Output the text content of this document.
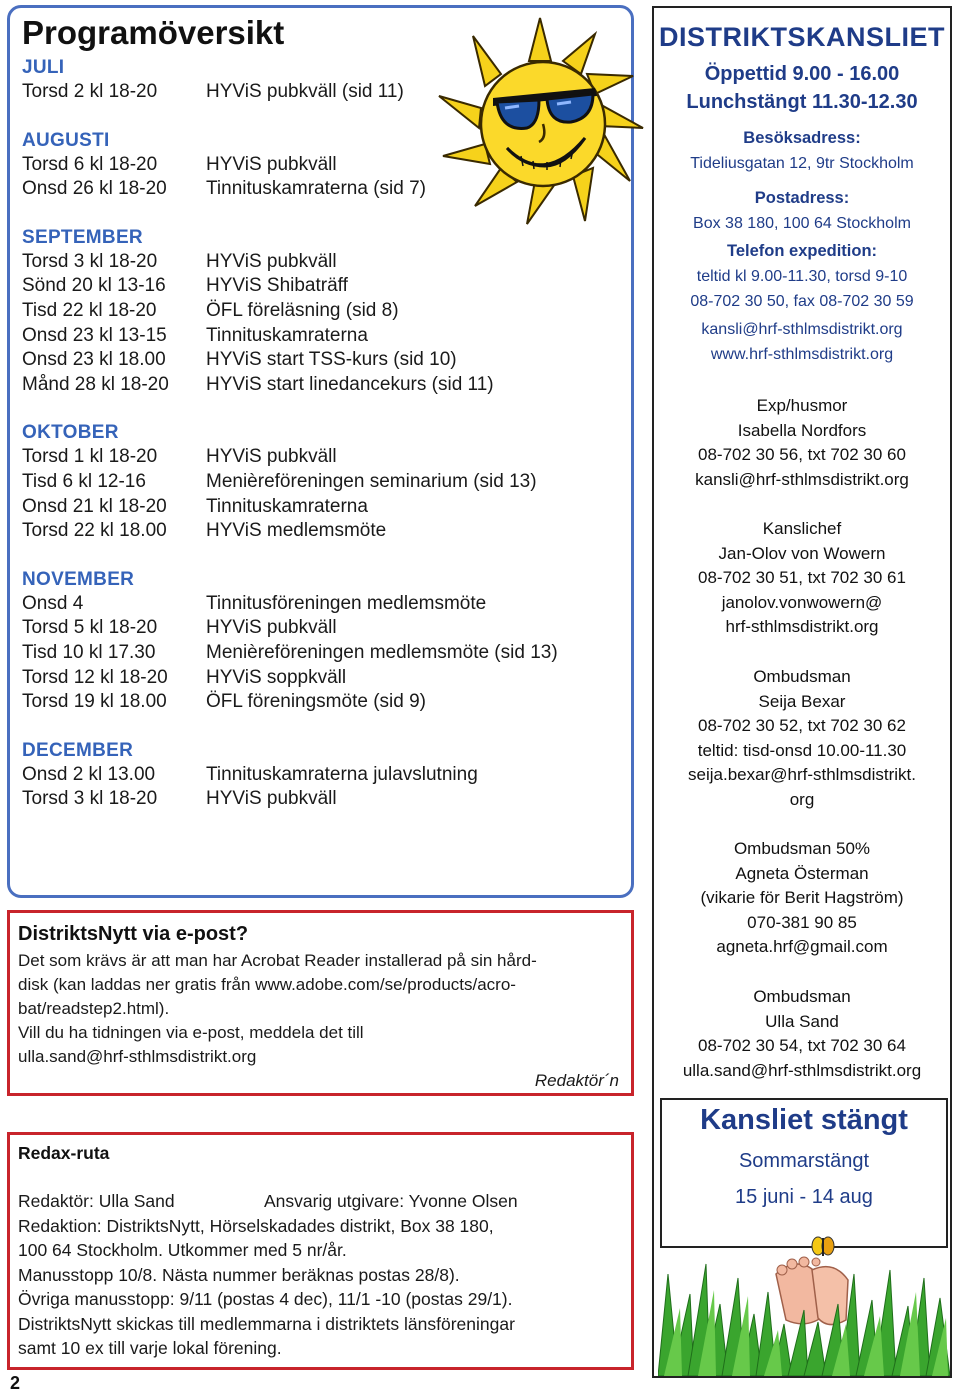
Programöversikt
JULI
Torsd 2 kl 18-20	HYViS pubkväll (sid 11)
AUGUSTI
Torsd 6 kl 18-20	HYViS pubkväll
Onsd 26 kl 18-20	Tinnituskamraterna (sid 7)
SEPTEMBER
Torsd 3 kl 18-20	HYViS pubkväll
Sönd 20 kl 13-16	HYViS Shibaträff
Tisd 22 kl 18-20	ÖFL föreläsning (sid 8)
Onsd 23 kl 13-15	Tinnituskamraterna
Onsd 23 kl 18.00	HYViS start TSS-kurs (sid 10)
Månd 28 kl 18-20	HYViS start linedancekurs (sid 11)
OKTOBER
Torsd 1 kl 18-20	HYViS pubkväll
Tisd 6 kl 12-16	Menièreföreningen seminarium (sid 13)
Onsd 21 kl 18-20	Tinnituskamraterna
Torsd 22 kl 18.00	HYViS medlemsmöte
NOVEMBER
Onsd 4	Tinnitusföreningen medlemsmöte
Torsd 5 kl 18-20	HYViS pubkväll
Tisd 10 kl 17.30	Menièreföreningen medlemsmöte (sid 13)
Torsd 12 kl 18-20	HYViS soppkväll
Torsd 19 kl 18.00	ÖFL föreningsmöte (sid 9)
DECEMBER
Onsd 2 kl 13.00	Tinnituskamraterna julavslutning
Torsd 3 kl 18-20	HYViS pubkväll
DistriktsNytt via e-post?
Det som krävs är att man har Acrobat Reader installerad på sin hård-
disk (kan laddas ner gratis från www.adobe.com/se/products/acro-
bat/readstep2.html).
Vill du ha tidningen via e-post, meddela det till
ulla.sand@hrf-sthlmsdistrikt.org
Redaktör´n
Redax-ruta
Redaktör: Ulla Sand	Ansvarig utgivare: Yvonne Olsen
Redaktion: DistriktsNytt, Hörselskadades distrikt, Box 38 180,
100 64 Stockholm. Utkommer med 5 nr/år.
Manusstopp 10/8. Nästa nummer beräknas postas 28/8).
Övriga manusstopp: 9/11 (postas 4 dec), 11/1 -10 (postas 29/1).
DistriktsNytt skickas till medlemmarna i distriktets länsföreningar
samt 10 ex till varje lokal förening.
2
DISTRIKTSKANSLIET
Öppettid 9.00 - 16.00
Lunchstängt 11.30-12.30
Besöksadress:
Tideliusgatan 12, 9tr Stockholm
Postadress:
Box 38 180, 100 64 Stockholm
Telefon expedition:
teltid kl 9.00-11.30, torsd 9-10
08-702 30 50, fax 08-702 30 59
kansli@hrf-sthlmsdistrikt.org
www.hrf-sthlmsdistrikt.org
Exp/husmor
Isabella Nordfors
08-702 30 56, txt 702 30 60
kansli@hrf-sthlmsdistrikt.org
Kanslichef
Jan-Olov von Wowern
08-702 30 51, txt 702 30 61
janolov.vonwowern@
hrf-sthlmsdistrikt.org
Ombudsman
Seija Bexar
08-702 30 52, txt 702 30 62
teltid: tisd-onsd 10.00-11.30
seija.bexar@hrf-sthlmsdistrikt.
org
Ombudsman 50%
Agneta Österman
(vikarie för Berit Hagström)
070-381 90 85
agneta.hrf@gmail.com
Ombudsman
Ulla Sand
08-702 30 54, txt 702 30 64
ulla.sand@hrf-sthlmsdistrikt.org
Kansliet stängt
Sommarstängt
15 juni - 14 aug
